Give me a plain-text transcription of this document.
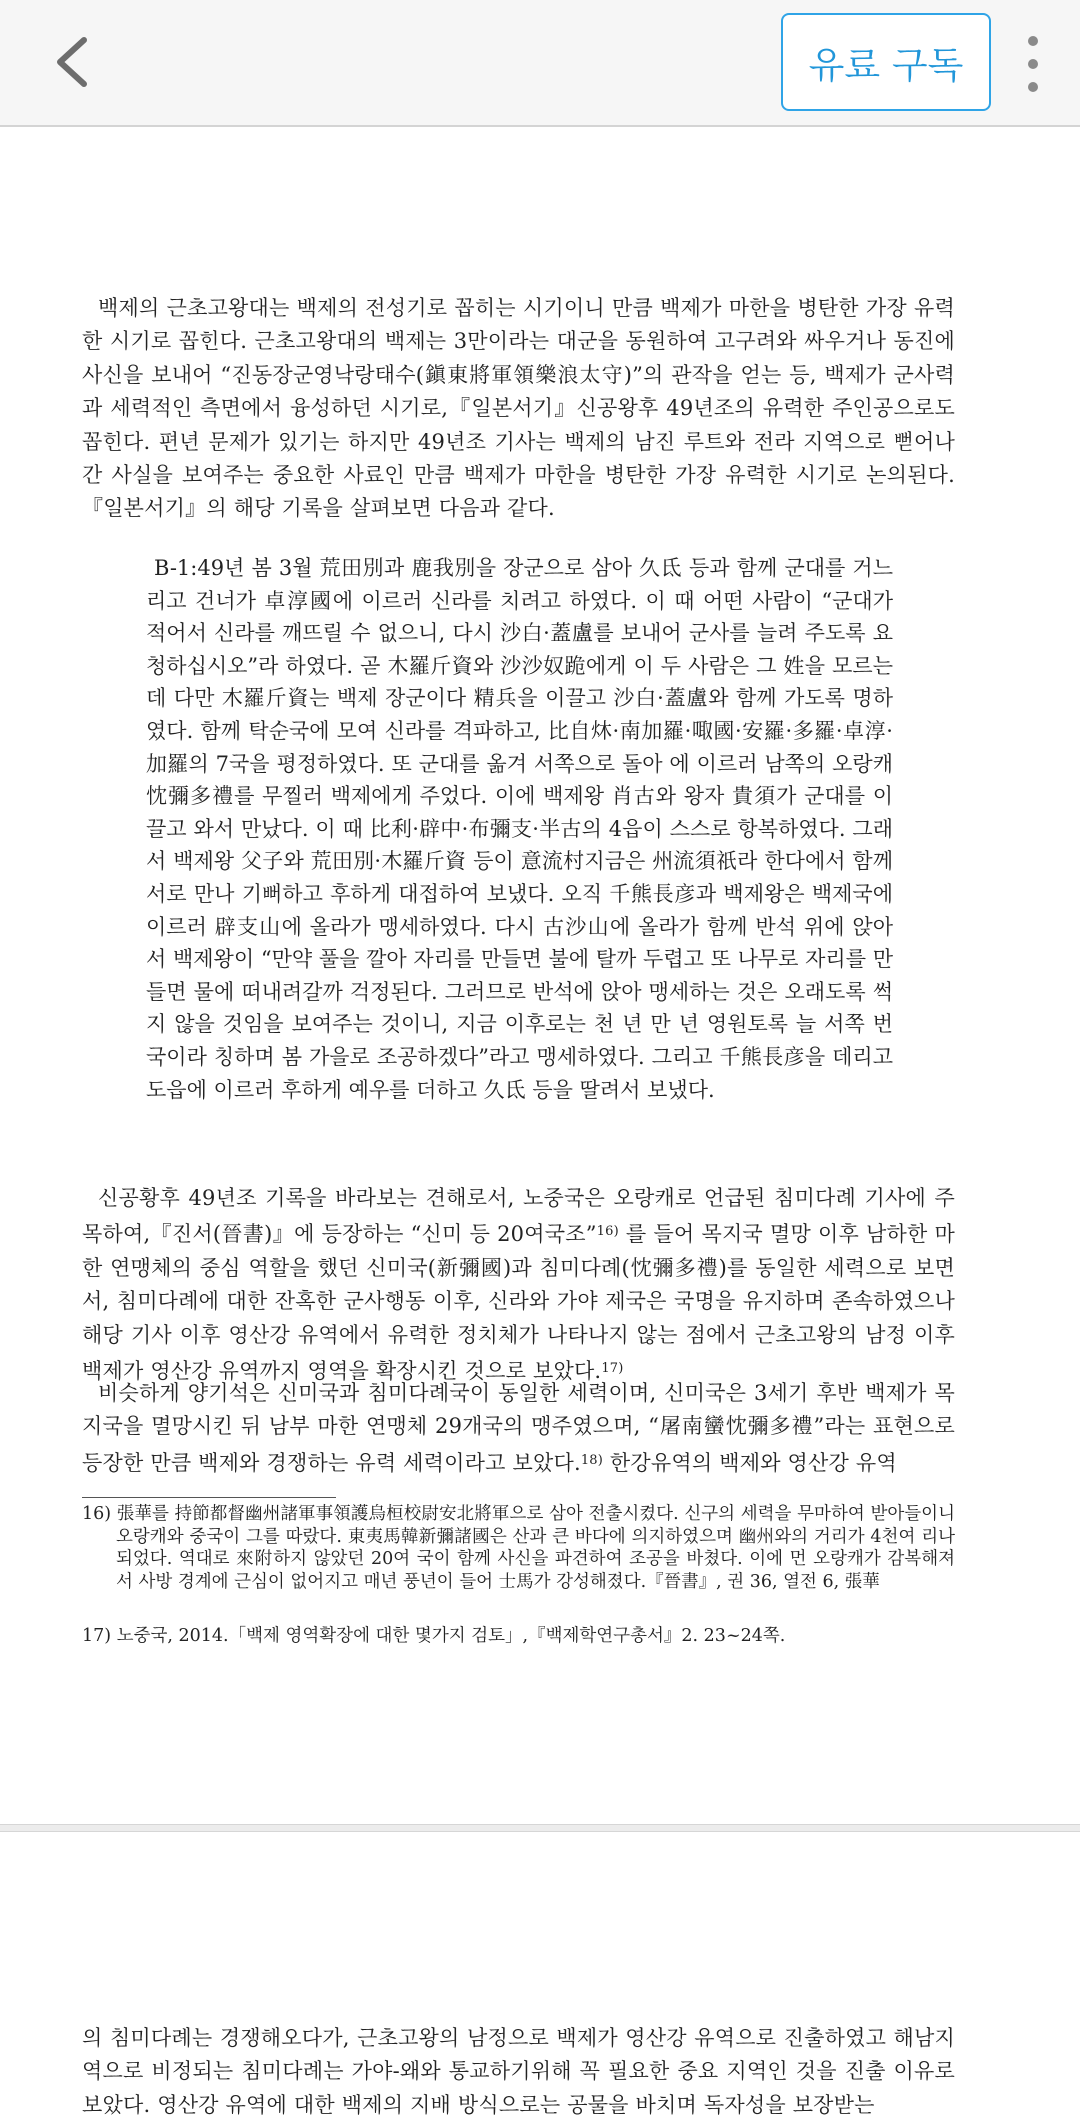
유료 구독

백제의 근초고왕대는 백제의 전성기로 꼽히는 시기이니 만큼 백제가 마한을 병탄한 가장 유력한 시기로 꼽힌다. 근초고왕대의 백제는 3만이라는 대군을 동원하여 고구려와 싸우거나 동진에 사신을 보내어 “진동장군영낙랑태수(鎭東將軍領樂浪太守)”의 관작을 얻는 등, 백제가 군사력과 세력적인 측면에서 융성하던 시기로,『일본서기』신공왕후 49년조의 유력한 주인공으로도 꼽힌다. 편년 문제가 있기는 하지만 49년조 기사는 백제의 남진 루트와 전라 지역으로 뻗어나간 사실을 보여주는 중요한 사료인 만큼 백제가 마한을 병탄한 가장 유력한 시기로 논의된다.『일본서기』의 해당 기록을 살펴보면 다음과 같다.

B-1:49년 봄 3월 荒田別과 鹿我別을 장군으로 삼아 久氐 등과 함께 군대를 거느리고 건너가 卓淳國에 이르러 신라를 치려고 하였다. 이 때 어떤 사람이 “군대가 적어서 신라를 깨뜨릴 수 없으니, 다시 沙白·蓋盧를 보내어 군사를 늘려 주도록 요청하십시오”라 하였다. 곧 木羅斤資와 沙沙奴跪에게 이 두 사람은 그 姓을 모르는데 다만 木羅斤資는 백제 장군이다 精兵을 이끌고 沙白·蓋盧와 함께 가도록 명하였다. 함께 탁순국에 모여 신라를 격파하고, 比自炑·南加羅·㖩國·安羅·多羅·卓淳·加羅의 7국을 평정하였다. 또 군대를 옮겨 서쪽으로 돌아 에 이르러 남쪽의 오랑캐 忱彌多禮를 무찔러 백제에게 주었다. 이에 백제왕 肖古와 왕자 貴須가 군대를 이끌고 와서 만났다. 이 때 比利·辟中·布彌支·半古의 4읍이 스스로 항복하였다. 그래서 백제왕 父子와 荒田別·木羅斤資 등이 意流村지금은 州流須祇라 한다에서 함께 서로 만나 기뻐하고 후하게 대접하여 보냈다. 오직 千熊長彦과 백제왕은 백제국에 이르러 辟支山에 올라가 맹세하였다. 다시 古沙山에 올라가 함께 반석 위에 앉아서 백제왕이 “만약 풀을 깔아 자리를 만들면 불에 탈까 두렵고 또 나무로 자리를 만들면 물에 떠내려갈까 걱정된다. 그러므로 반석에 앉아 맹세하는 것은 오래도록 썩지 않을 것임을 보여주는 것이니, 지금 이후로는 천 년 만 년 영원토록 늘 서쪽 번국이라 칭하며 봄 가을로 조공하겠다”라고 맹세하였다. 그리고 千熊長彦을 데리고 도읍에 이르러 후하게 예우를 더하고 久氐 등을 딸려서 보냈다.

신공황후 49년조 기록을 바라보는 견해로서, 노중국은 오랑캐로 언급된 침미다례 기사에 주목하여,『진서(晉書)』에 등장하는 “신미 등 20여국조”$^{16)}$ 를 들어 목지국 멸망 이후 남하한 마한 연맹체의 중심 역할을 했던 신미국(新彌國)과 침미다례(忱彌多禮)를 동일한 세력으로 보면서, 침미다례에 대한 잔혹한 군사행동 이후, 신라와 가야 제국은 국명을 유지하며 존속하였으나 해당 기사 이후 영산강 유역에서 유력한 정치체가 나타나지 않는 점에서 근초고왕의 남정 이후 백제가 영산강 유역까지 영역을 확장시킨 것으로 보았다.$^{17)}$

비슷하게 양기석은 신미국과 침미다례국이 동일한 세력이며, 신미국은 3세기 후반 백제가 목지국을 멸망시킨 뒤 남부 마한 연맹체 29개국의 맹주였으며, “屠南蠻忱彌多禮”라는 표현으로 등장한 만큼 백제와 경쟁하는 유력 세력이라고 보았다.$^{18)}$ 한강유역의 백제와 영산강 유역

16) 張華를 持節都督幽州諸軍事領護烏桓校尉安北將軍으로 삼아 전출시켰다. 신구의 세력을 무마하여 받아들이니 오랑캐와 중국이 그를 따랐다. 東夷馬韓新彌諸國은 산과 큰 바다에 의지하였으며 幽州와의 거리가 4천여 리나 되었다. 역대로 來附하지 않았던 20여 국이 함께 사신을 파견하여 조공을 바쳤다. 이에 먼 오랑캐가 감복해져서 사방 경계에 근심이 없어지고 매년 풍년이 들어 士馬가 강성해졌다.『晉書』, 권 36, 열전 6, 張華

17) 노중국, 2014.「백제 영역확장에 대한 몇가지 검토」,『백제학연구총서』2. 23~24쪽.

의 침미다례는 경쟁해오다가, 근초고왕의 남정으로 백제가 영산강 유역으로 진출하였고 해남지역으로 비정되는 침미다례는 가야-왜와 통교하기위해 꼭 필요한 중요 지역인 것을 진출 이유로 보았다. 영산강 유역에 대한 백제의 지배 방식으로는 공물을 바치며 독자성을 보장받는
